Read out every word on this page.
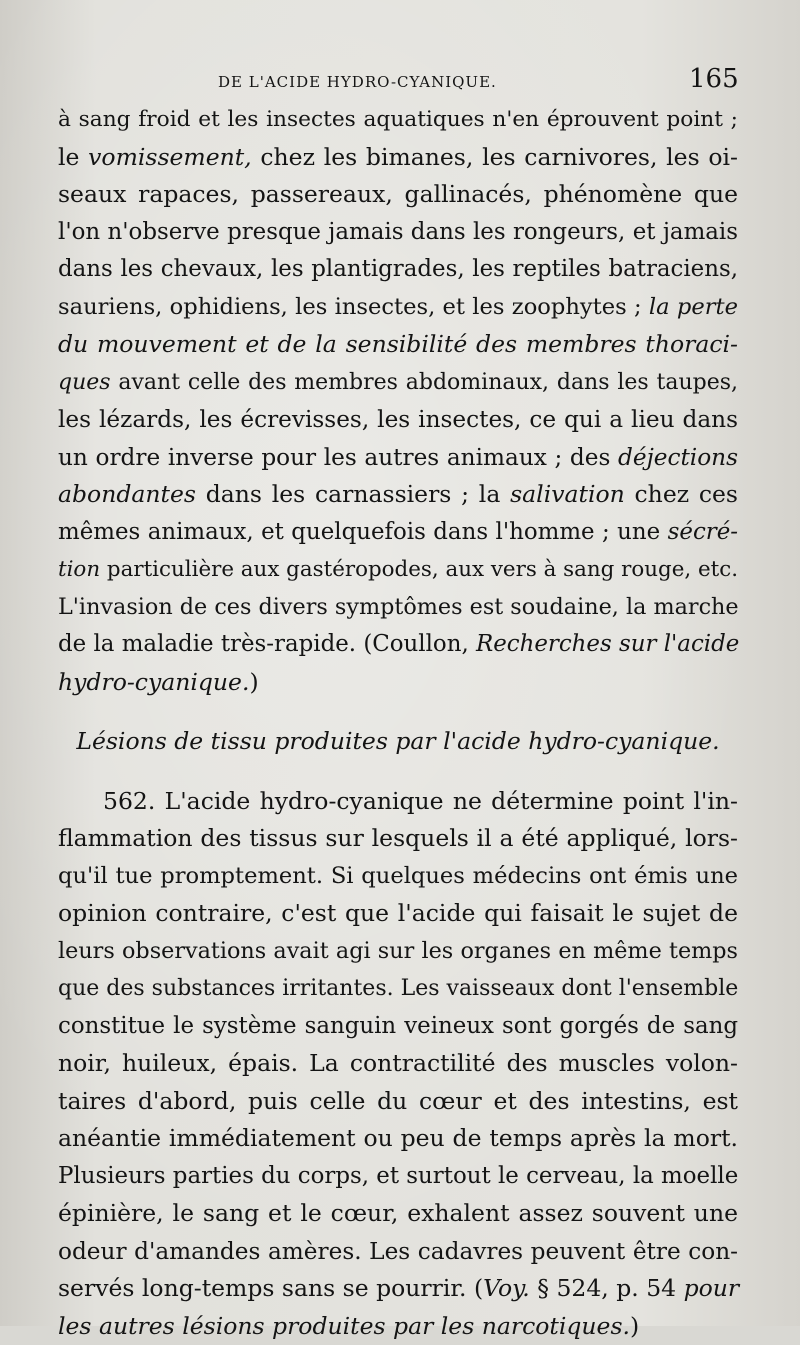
DE L'ACIDE HYDRO-CYANIQUE.	165
à sang froid et les insectes aquatiques n'en éprouvent point ;
le vomissement, chez les bimanes, les carnivores, les oi-
seaux rapaces, passereaux, gallinacés, phénomène que
l'on n'observe presque jamais dans les rongeurs, et jamais
dans les chevaux, les plantigrades, les reptiles batraciens,
sauriens, ophidiens, les insectes, et les zoophytes ; la perte
du mouvement et de la sensibilité des membres thoraci-
ques avant celle des membres abdominaux, dans les taupes,
les lézards, les écrevisses, les insectes, ce qui a lieu dans
un ordre inverse pour les autres animaux ; des déjections
abondantes dans les carnassiers ; la salivation chez ces
mêmes animaux, et quelquefois dans l'homme ; une sécré-
tion particulière aux gastéropodes, aux vers à sang rouge, etc.
L'invasion de ces divers symptômes est soudaine, la marche
de la maladie très-rapide. (Coullon, Recherches sur l'acide
hydro-cyanique.)
Lésions de tissu produites par l'acide hydro-cyanique.
562. L'acide hydro-cyanique ne détermine point l'in-
flammation des tissus sur lesquels il a été appliqué, lors-
qu'il tue promptement. Si quelques médecins ont émis une
opinion contraire, c'est que l'acide qui faisait le sujet de
leurs observations avait agi sur les organes en même temps
que des substances irritantes. Les vaisseaux dont l'ensemble
constitue le système sanguin veineux sont gorgés de sang
noir, huileux, épais. La contractilité des muscles volon-
taires d'abord, puis celle du cœur et des intestins, est
anéantie immédiatement ou peu de temps après la mort.
Plusieurs parties du corps, et surtout le cerveau, la moelle
épinière, le sang et le cœur, exhalent assez souvent une
odeur d'amandes amères. Les cadavres peuvent être con-
servés long-temps sans se pourrir. (Voy. § 524, p. 54 pour
les autres lésions produites par les narcotiques.)
